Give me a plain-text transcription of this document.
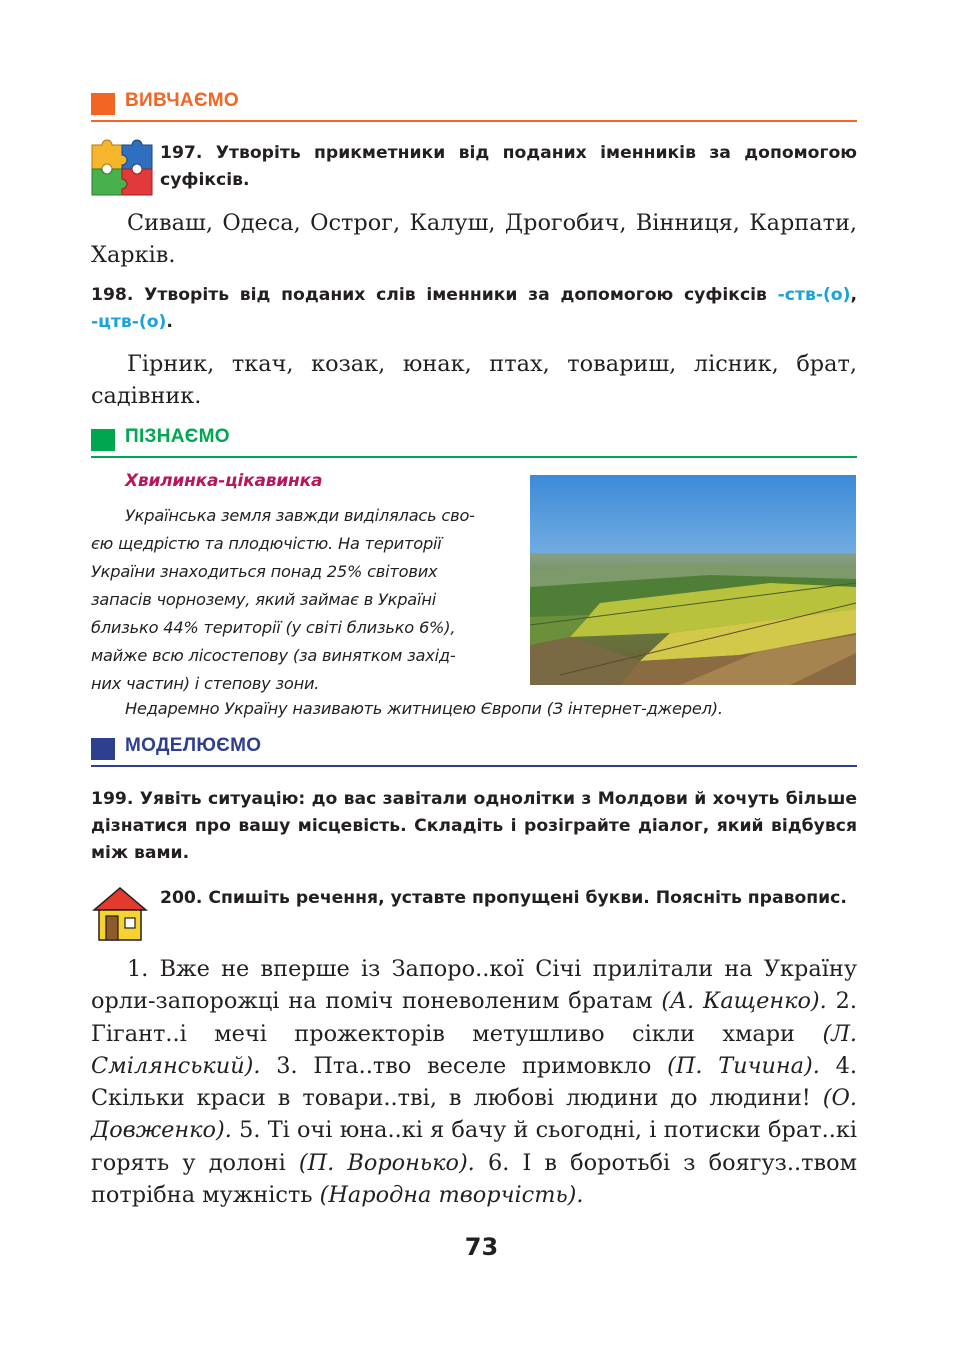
ВИВЧАЄМО
197. Утворіть прикметники від поданих іменників за допомогою суфіксів.
Сиваш, Одеса, Острог, Калуш, Дрогобич, Вінниця, Карпати, Харків.
198. Утворіть від поданих слів іменники за допомогою суфіксів -ств-(о), -цтв-(о).
Гірник, ткач, козак, юнак, птах, товариш, лісник, брат, садівник.
ПІЗНАЄМО
Хвилинка-цікавинка
Українська земля завжди виділялась сво-
єю щедрістю та плодючістю. На території
України знаходиться понад 25% світових
запасів чорнозему, який займає в Україні
близько 44% території (у світі близько 6%),
майже всю лісостепову (за винятком захід-
них частин) і степову зони.
Недаремно Україну називають житницею Європи (З інтернет-джерел).
МОДЕЛЮЄМО
199. Уявіть ситуацію: до вас завітали однолітки з Молдови й хочуть більше дізнатися про вашу місцевість. Складіть і розіграйте діалог, який відбувся між вами.
200. Спишіть речення, уставте пропущені букви. Поясніть правопис.
1. Вже не вперше із Запоро..кої Січі прилітали на Україну орли-запорожці на поміч поневоленим братам (А. Кащенко). 2. Гігант..і мечі прожекторів метушливо сікли хмари (Л. Смілянський). 3. Пта..тво веселе примовкло (П. Тичина). 4. Скільки краси в товари..тві, в любові людини до людини! (О. Довженко). 5. Ті очі юна..кі я бачу й сьогодні, і потиски брат..кі горять у долоні (П. Воронько). 6. І в боротьбі з боягуз..твом потрібна мужність (Народна творчість).
73
